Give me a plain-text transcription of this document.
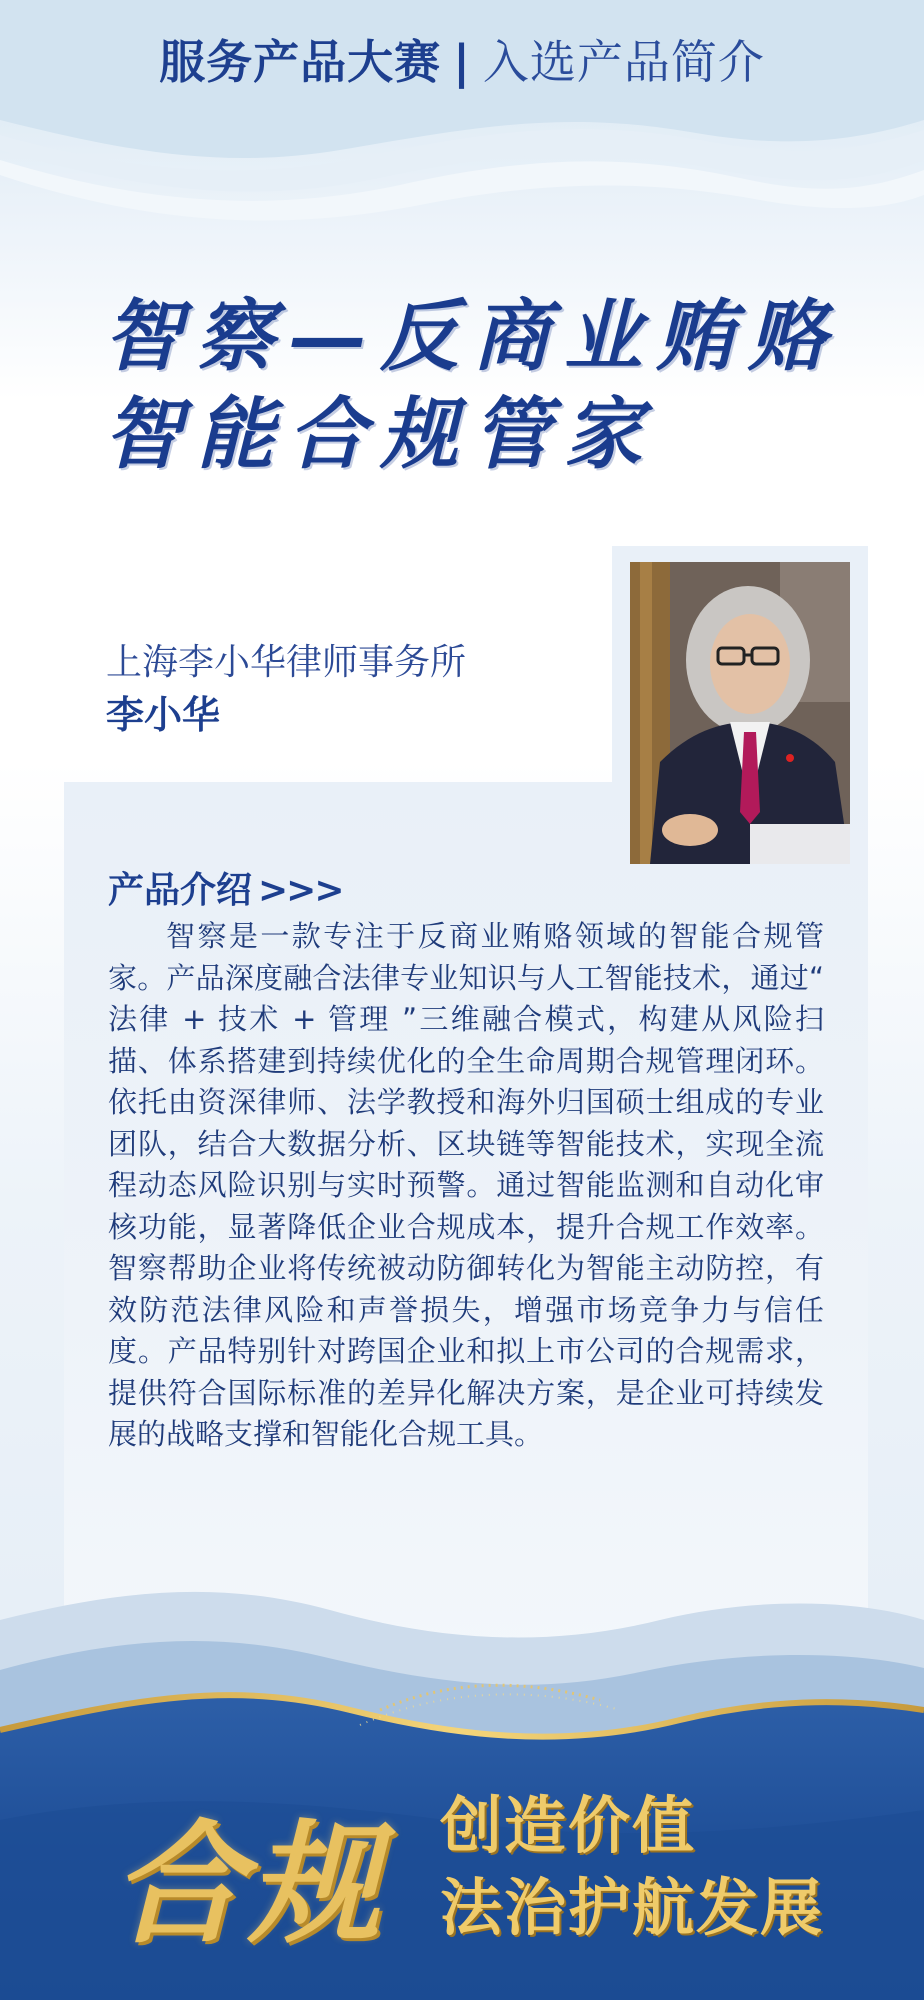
服务产品大赛 | 入选产品简介
智察—反商业贿赂
智能合规管家
上海李小华律师事务所
李小华
产品介绍 >>>
智察是一款专注于反商业贿赂领域的智能合规管家。产品深度融合法律专业知识与人工智能技术，通过“ 法律 + 技术 + 管理 ”三维融合模式，构建从风险扫描、体系搭建到持续优化的全生命周期合规管理闭环。依托由资深律师、法学教授和海外归国硕士组成的专业团队，结合大数据分析、区块链等智能技术，实现全流程动态风险识别与实时预警。通过智能监测和自动化审核功能，显著降低企业合规成本，提升合规工作效率。智察帮助企业将传统被动防御转化为智能主动防控，有效防范法律风险和声誉损失，增强市场竞争力与信任度。产品特别针对跨国企业和拟上市公司的合规需求，提供符合国际标准的差异化解决方案，是企业可持续发展的战略支撑和智能化合规工具。
合规 创造价值
法治护航发展
